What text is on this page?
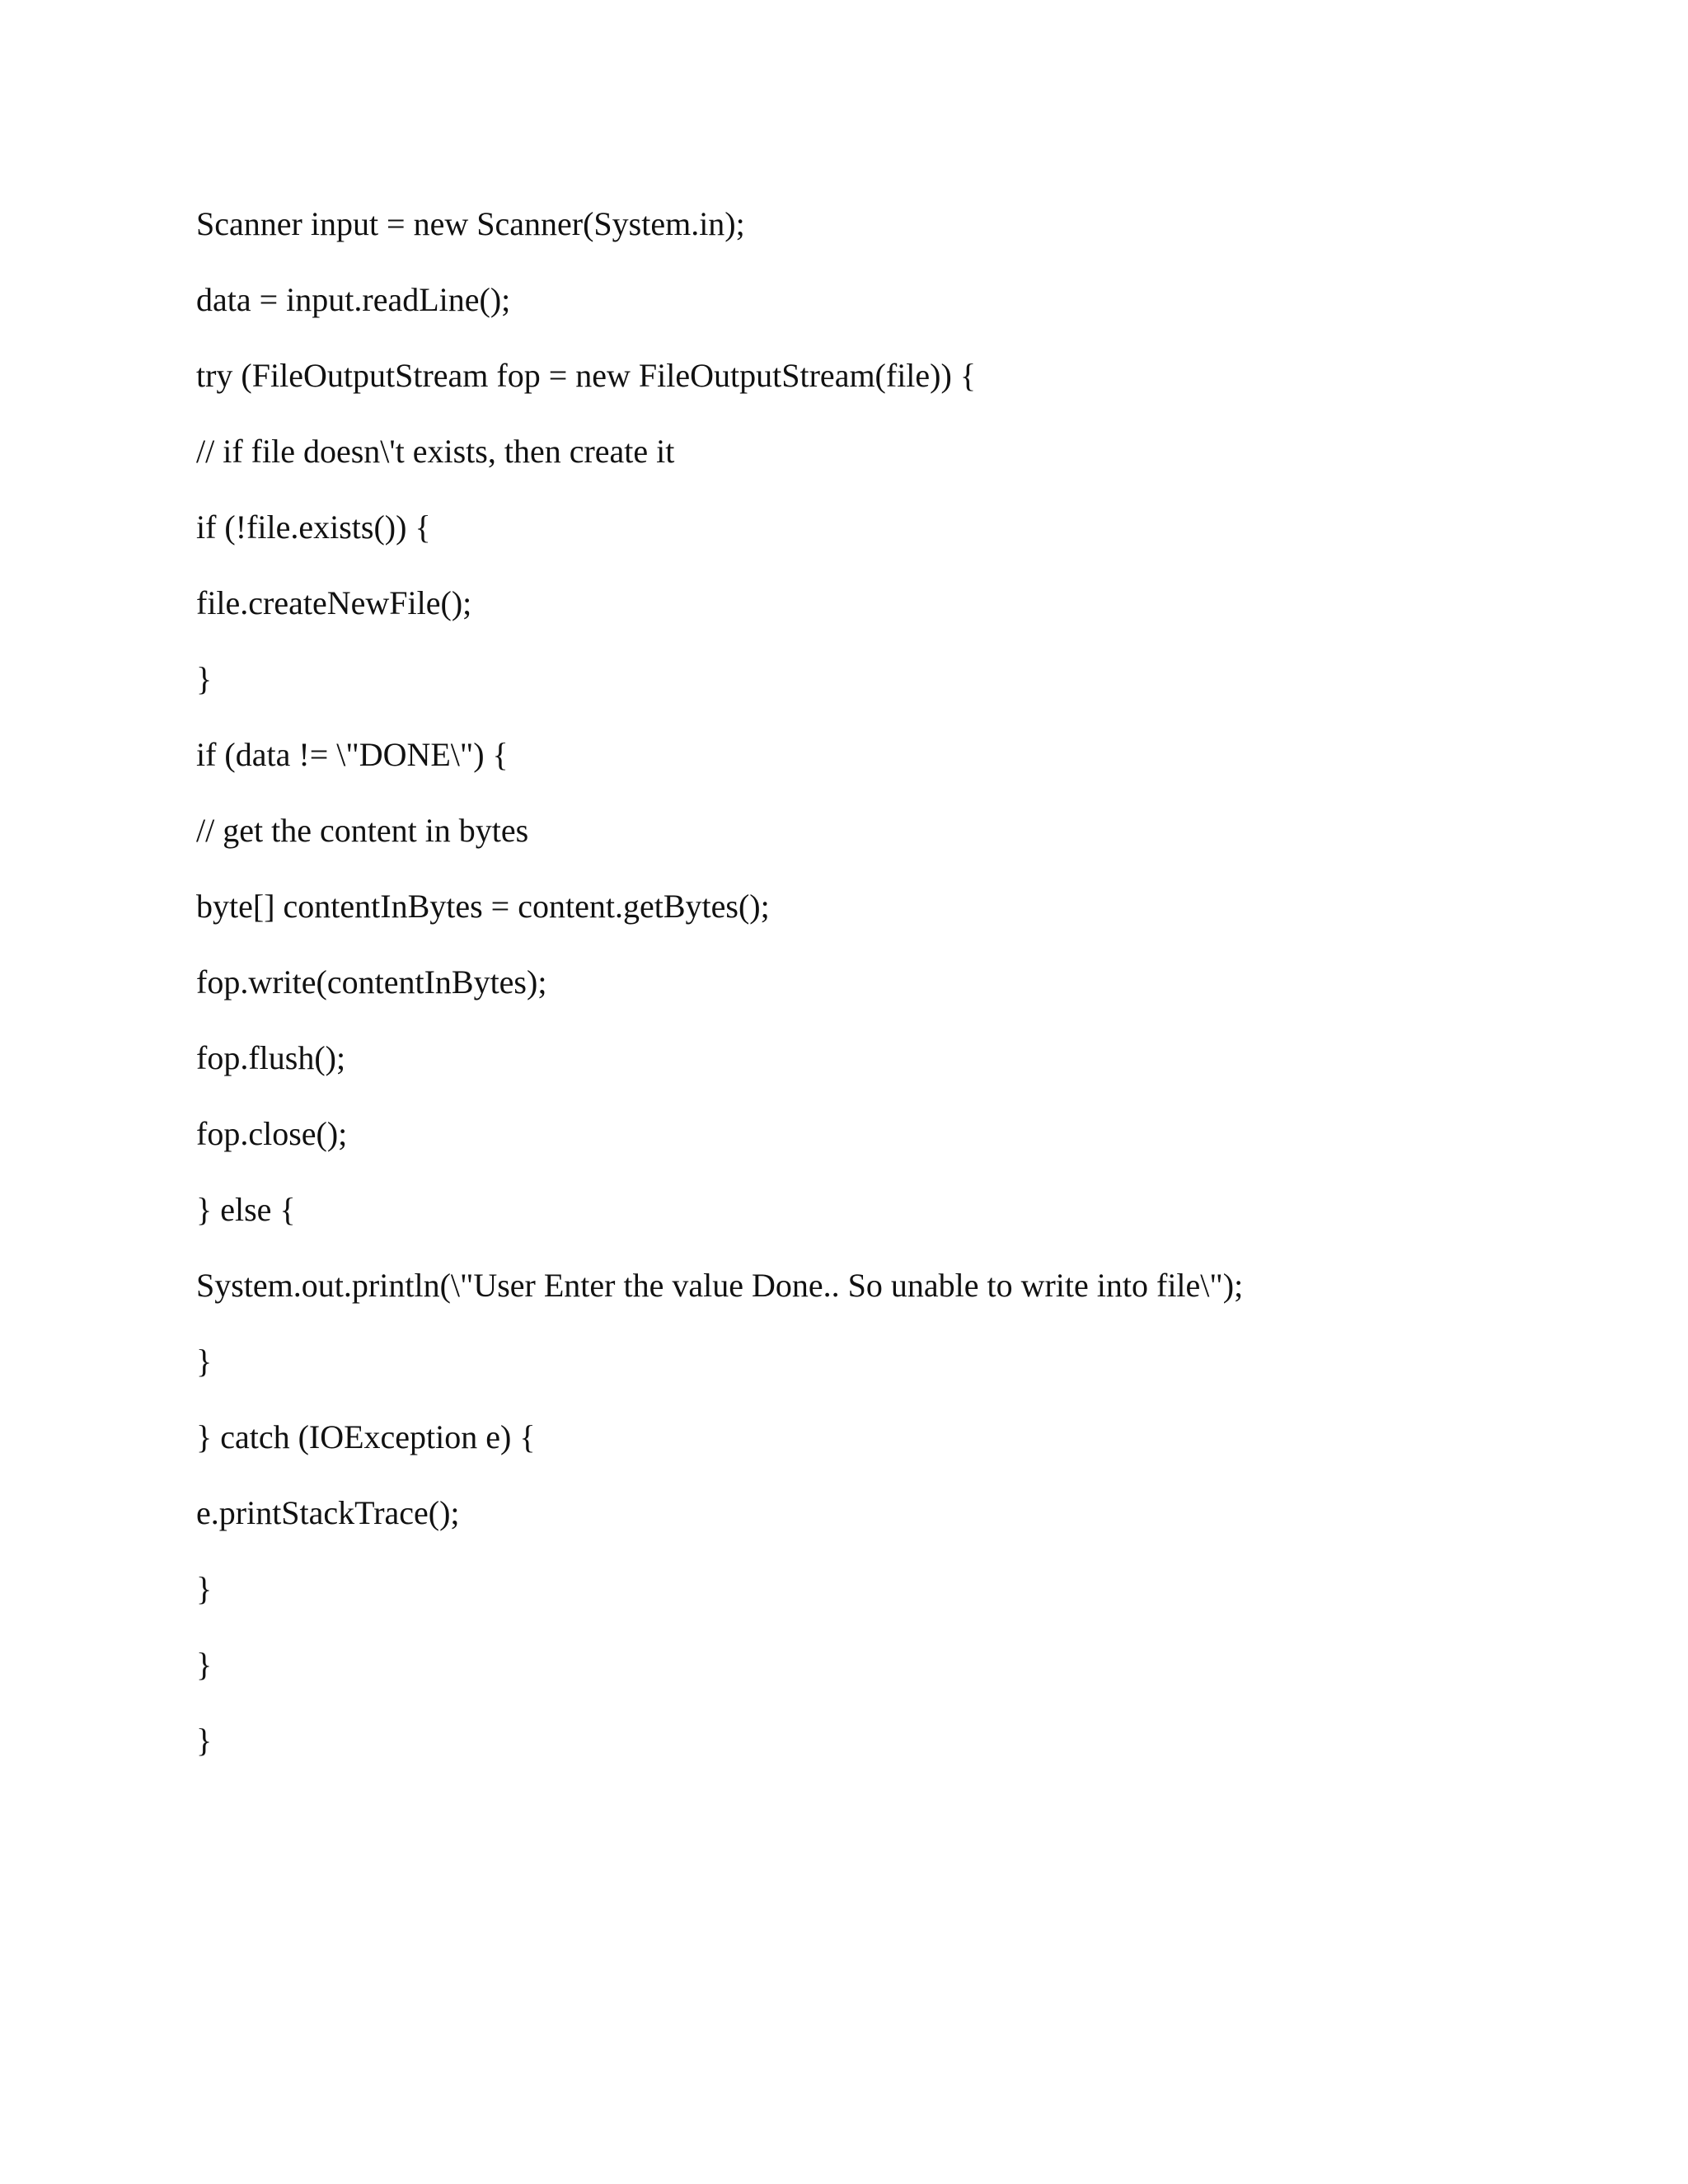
Scanner input = new Scanner(System.in);

data = input.readLine();

try (FileOutputStream fop = new FileOutputStream(file)) {

// if file doesn\'t exists, then create it

if (!file.exists()) {

file.createNewFile();

}

if (data != \"DONE\") {

// get the content in bytes

byte[] contentInBytes = content.getBytes();

fop.write(contentInBytes);

fop.flush();

fop.close();

} else {

System.out.println(\"User Enter the value Done.. So unable to write into file\");

}

} catch (IOException e) {

e.printStackTrace();

}

}

}
